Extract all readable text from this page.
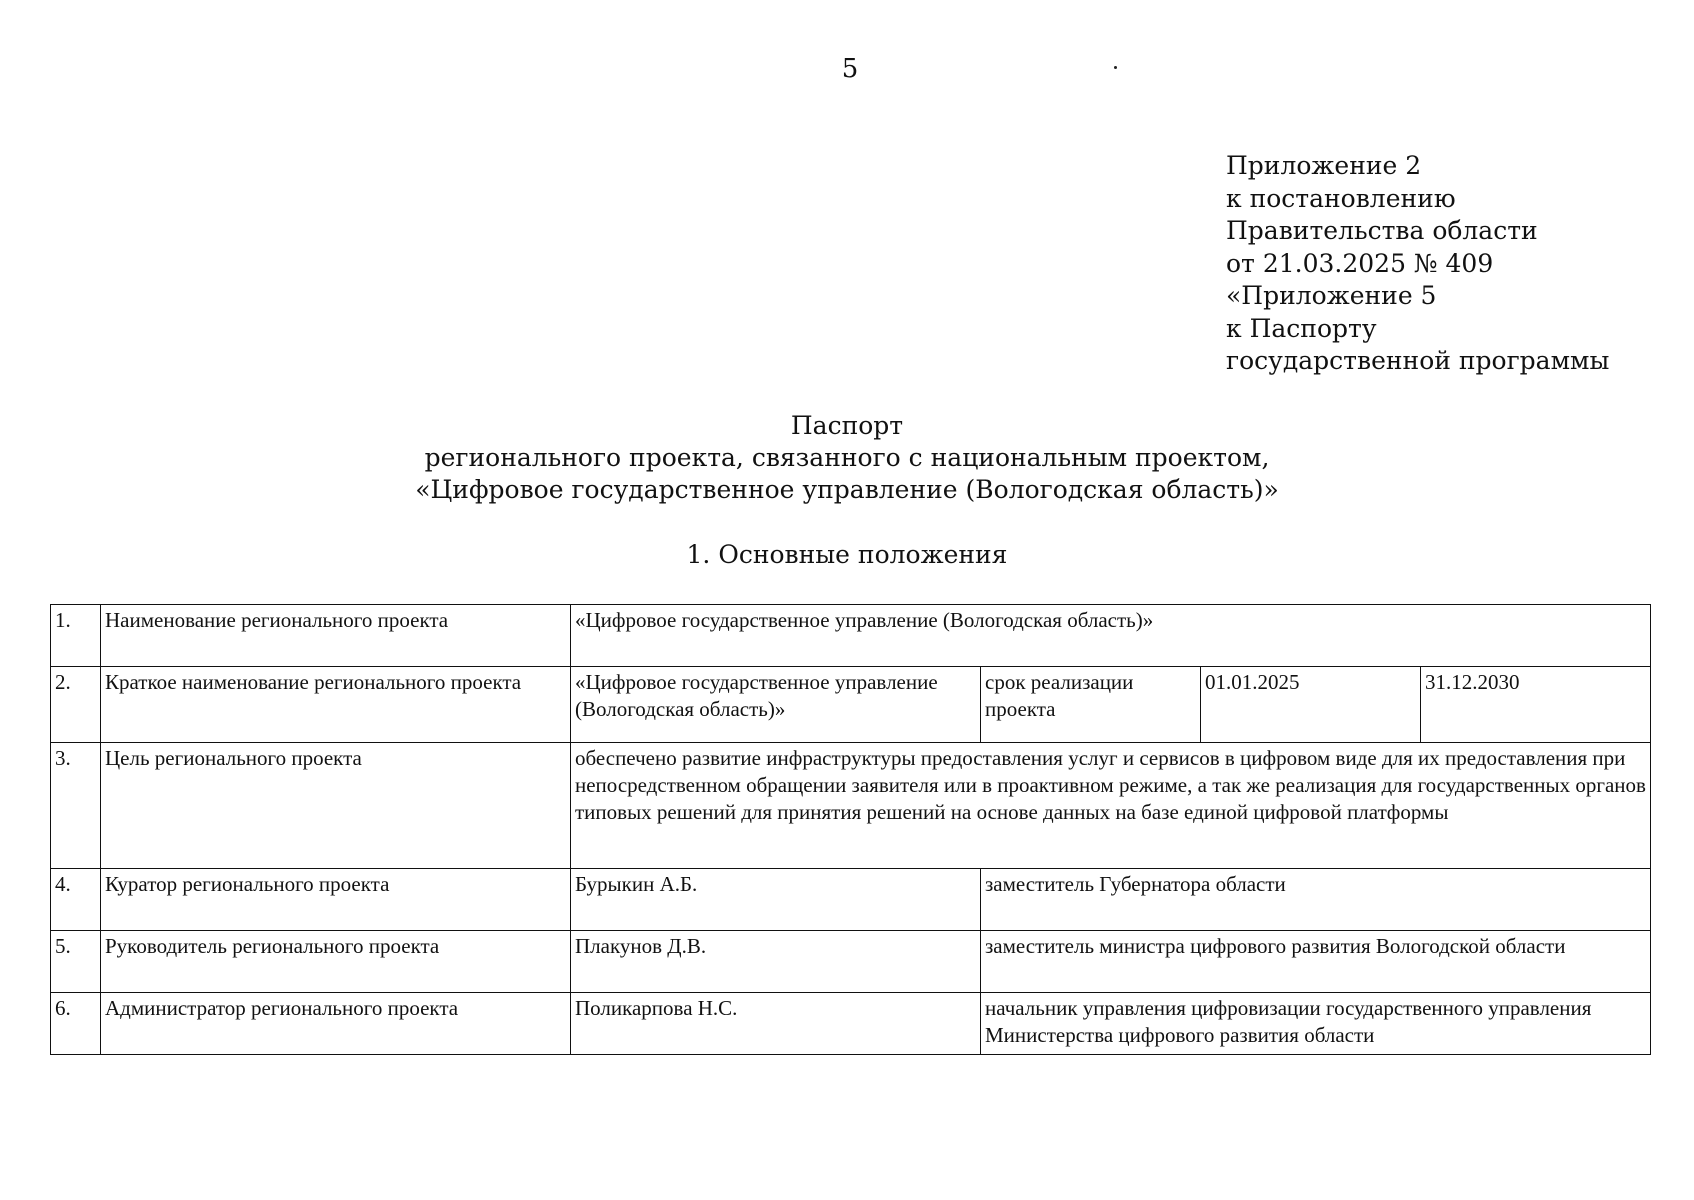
5
Приложение 2
к постановлению
Правительства области
от 21.03.2025 № 409
«Приложение 5
к Паспорту
государственной программы
Паспорт
регионального проекта, связанного с национальным проектом,
«Цифровое государственное управление (Вологодская область)»
1. Основные положения
1.	Наименование регионального проекта	«Цифровое государственное управление (Вологодская область)»			
2.	Краткое наименование регионального проекта	«Цифровое государственное управление (Вологодская область)»	срок реализации проекта	01.01.2025	31.12.2030
3.	Цель регионального проекта	обеспечено развитие инфраструктуры предоставления услуг и сервисов в цифровом виде для их предоставления при непосредственном обращении заявителя или в проактивном режиме, а так же реализация для государственных органов типовых решений для принятия решений на основе данных на базе единой цифровой платформы			
4.	Куратор регионального проекта	Бурыкин А.Б.	заместитель Губернатора области		
5.	Руководитель регионального проекта	Плакунов Д.В.	заместитель министра цифрового развития Вологодской области		
6.	Администратор регионального проекта	Поликарпова Н.С.	начальник управления цифровизации государственного управления Министерства цифрового развития области		
